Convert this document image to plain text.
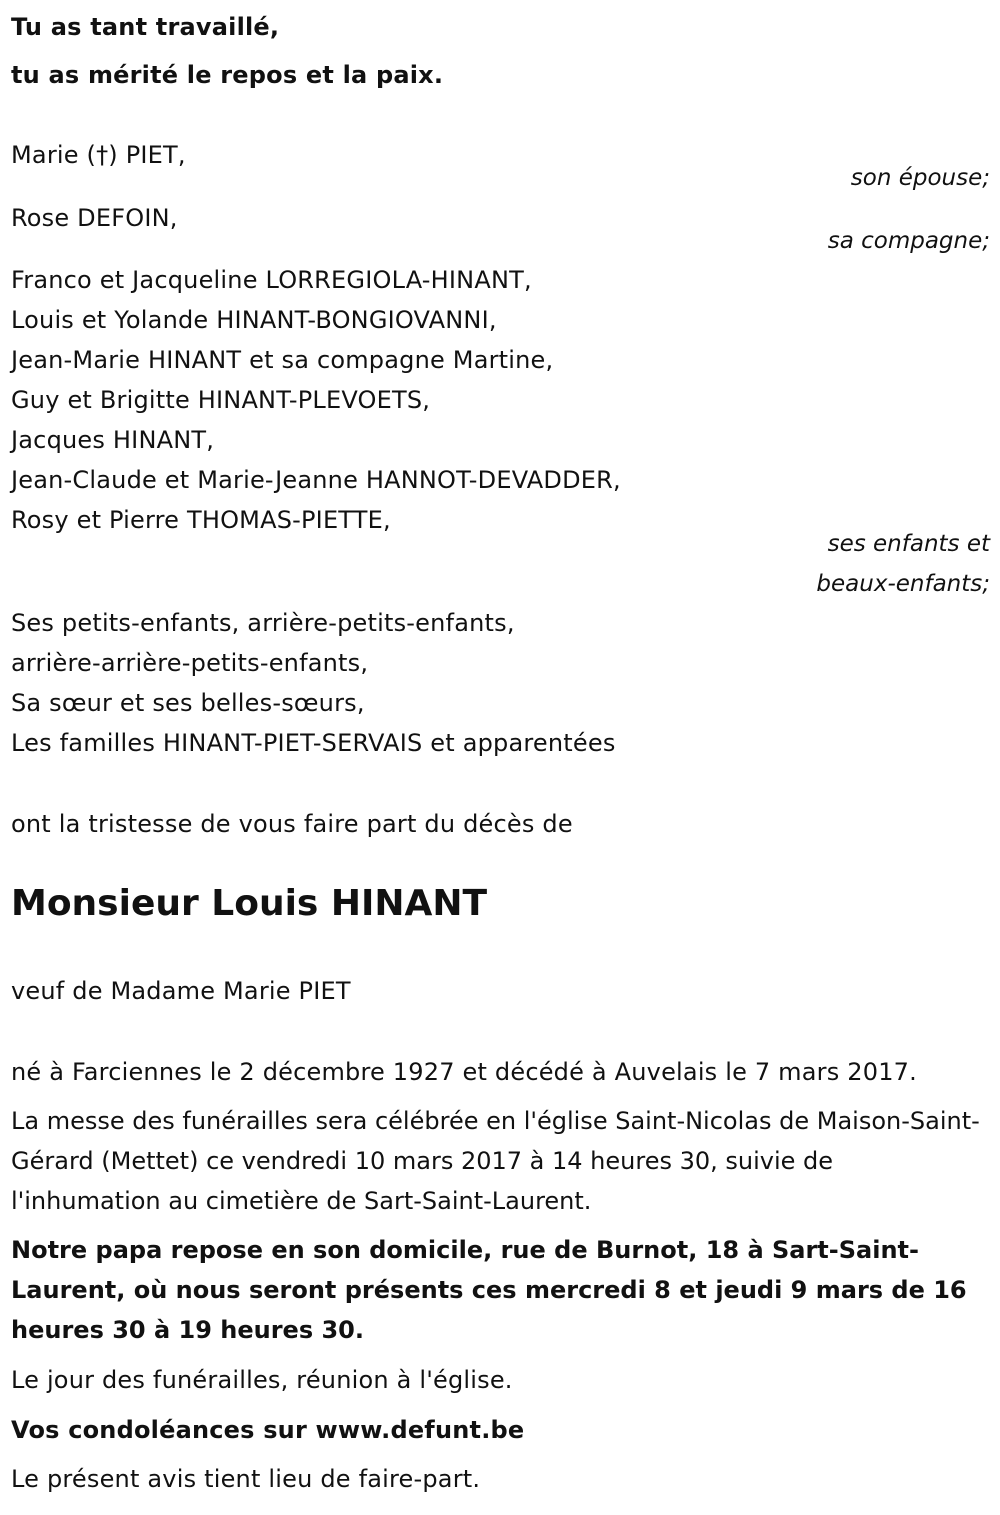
Tu as tant travaillé,
tu as mérité le repos et la paix.
Marie (†) PIET,
son épouse;
Rose DEFOIN,
sa compagne;
Franco et Jacqueline LORREGIOLA-HINANT,
Louis et Yolande HINANT-BONGIOVANNI,
Jean-Marie HINANT et sa compagne Martine,
Guy et Brigitte HINANT-PLEVOETS,
Jacques HINANT,
Jean-Claude et Marie-Jeanne HANNOT-DEVADDER,
Rosy et Pierre THOMAS-PIETTE,
ses enfants et
beaux-enfants;
Ses petits-enfants, arrière-petits-enfants,
arrière-arrière-petits-enfants,
Sa sœur et ses belles-sœurs,
Les familles HINANT-PIET-SERVAIS et apparentées
ont la tristesse de vous faire part du décès de
Monsieur Louis HINANT
veuf de Madame Marie PIET
né à Farciennes le 2 décembre 1927 et décédé à Auvelais le 7 mars 2017.
La messe des funérailles sera célébrée en l'église Saint-Nicolas de Maison-Saint-Gérard (Mettet) ce vendredi 10 mars 2017 à 14 heures 30, suivie de l'inhumation au cimetière de Sart-Saint-Laurent.
Notre papa repose en son domicile, rue de Burnot, 18 à Sart-Saint-Laurent, où nous seront présents ces mercredi 8 et jeudi 9 mars de 16 heures 30 à 19 heures 30.
Le jour des funérailles, réunion à l'église.
Vos condoléances sur www.defunt.be
Le présent avis tient lieu de faire-part.
